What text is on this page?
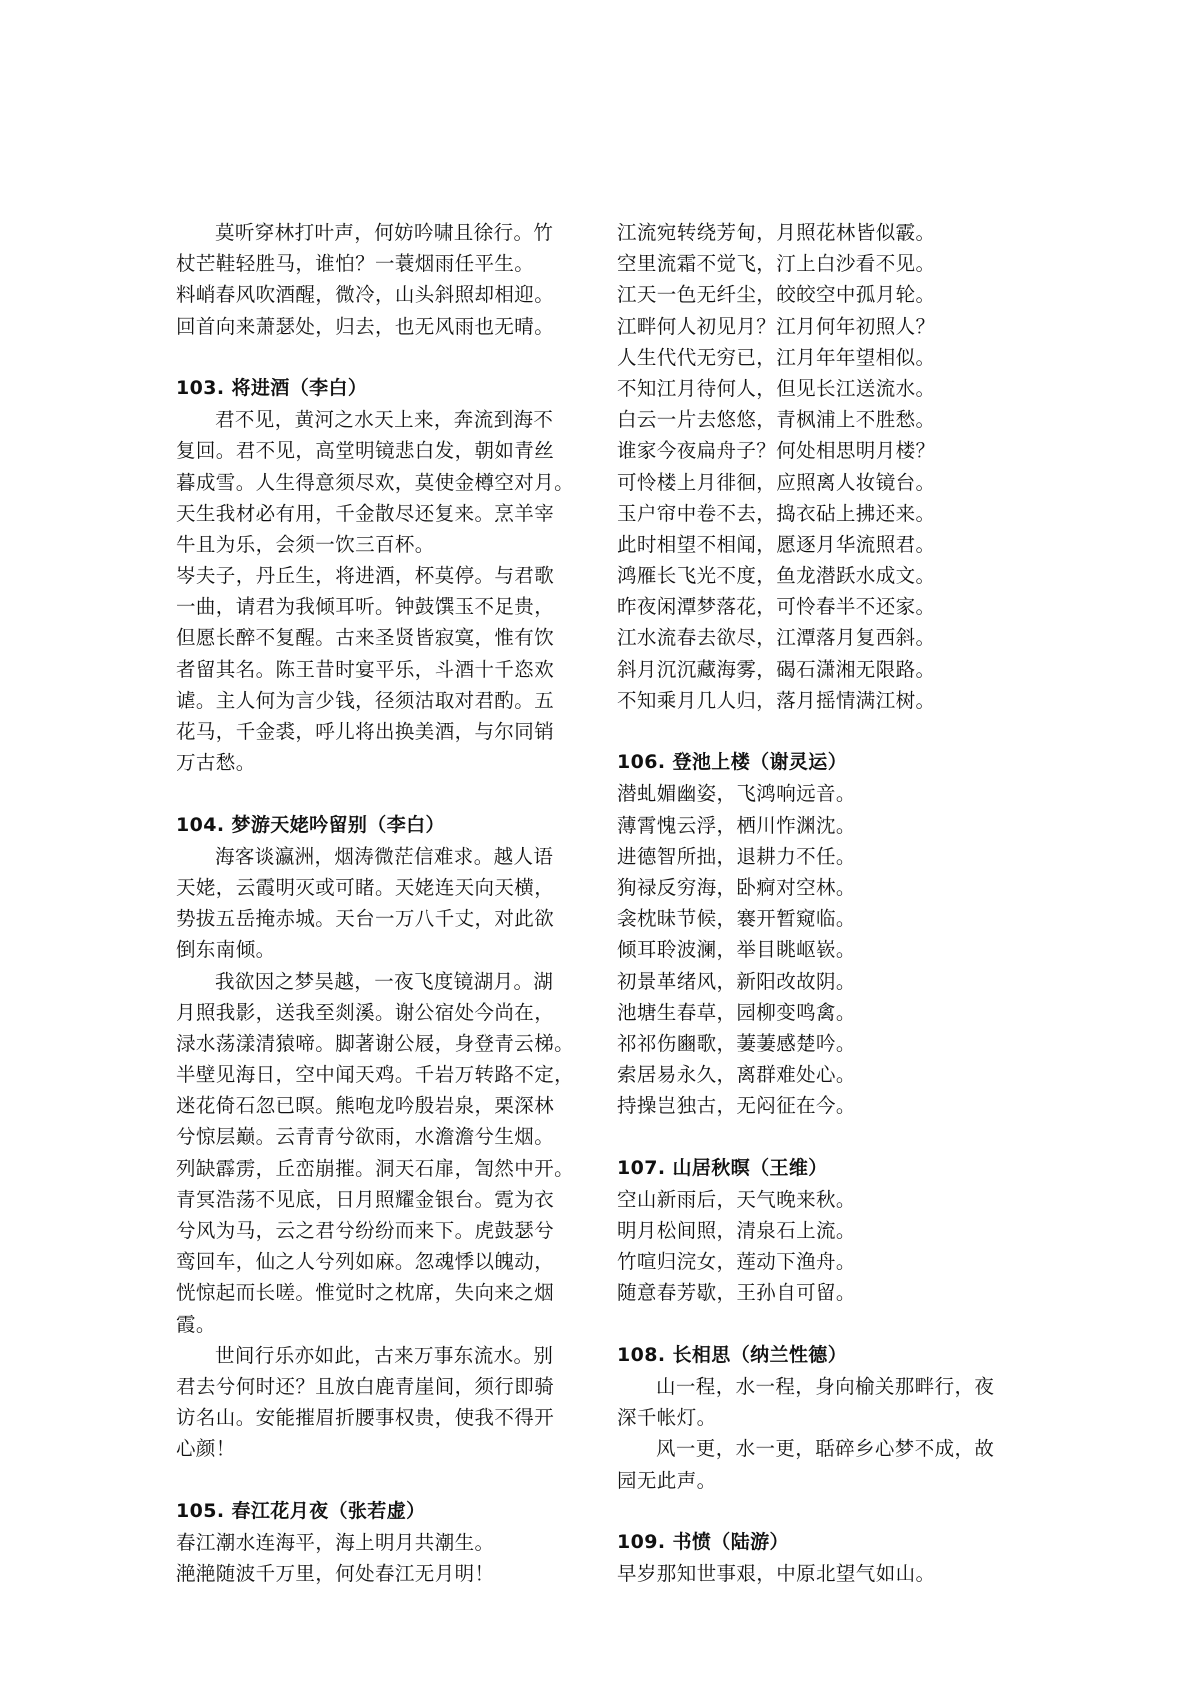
莫听穿林打叶声，何妨吟啸且徐行。竹
杖芒鞋轻胜马，谁怕？一蓑烟雨任平生。
料峭春风吹酒醒，微冷，山头斜照却相迎。
回首向来萧瑟处，归去，也无风雨也无晴。
103. 将进酒（李白）
君不见，黄河之水天上来，奔流到海不
复回。君不见，高堂明镜悲白发，朝如青丝
暮成雪。人生得意须尽欢，莫使金樽空对月。
天生我材必有用，千金散尽还复来。烹羊宰
牛且为乐，会须一饮三百杯。
岑夫子，丹丘生，将进酒，杯莫停。与君歌
一曲，请君为我倾耳听。钟鼓馔玉不足贵，
但愿长醉不复醒。古来圣贤皆寂寞，惟有饮
者留其名。陈王昔时宴平乐，斗酒十千恣欢
谑。主人何为言少钱，径须沽取对君酌。五
花马，千金裘，呼儿将出换美酒，与尔同销
万古愁。
104. 梦游天姥吟留别（李白）
海客谈瀛洲，烟涛微茫信难求。越人语
天姥，云霞明灭或可睹。天姥连天向天横，
势拔五岳掩赤城。天台一万八千丈，对此欲
倒东南倾。
我欲因之梦吴越，一夜飞度镜湖月。湖
月照我影，送我至剡溪。谢公宿处今尚在，
渌水荡漾清猿啼。脚著谢公屐，身登青云梯。
半壁见海日，空中闻天鸡。千岩万转路不定，
迷花倚石忽已暝。熊咆龙吟殷岩泉，栗深林
兮惊层巅。云青青兮欲雨，水澹澹兮生烟。
列缺霹雳，丘峦崩摧。洞天石扉，訇然中开。
青冥浩荡不见底，日月照耀金银台。霓为衣
兮风为马，云之君兮纷纷而来下。虎鼓瑟兮
鸾回车，仙之人兮列如麻。忽魂悸以魄动，
恍惊起而长嗟。惟觉时之枕席，失向来之烟
霞。
世间行乐亦如此，古来万事东流水。别
君去兮何时还？且放白鹿青崖间，须行即骑
访名山。安能摧眉折腰事权贵，使我不得开
心颜！
105. 春江花月夜（张若虚）
春江潮水连海平，海上明月共潮生。
滟滟随波千万里，何处春江无月明！
江流宛转绕芳甸，月照花林皆似霰。
空里流霜不觉飞，汀上白沙看不见。
江天一色无纤尘，皎皎空中孤月轮。
江畔何人初见月？江月何年初照人？
人生代代无穷已，江月年年望相似。
不知江月待何人，但见长江送流水。
白云一片去悠悠，青枫浦上不胜愁。
谁家今夜扁舟子？何处相思明月楼？
可怜楼上月徘徊，应照离人妆镜台。
玉户帘中卷不去，捣衣砧上拂还来。
此时相望不相闻，愿逐月华流照君。
鸿雁长飞光不度，鱼龙潜跃水成文。
昨夜闲潭梦落花，可怜春半不还家。
江水流春去欲尽，江潭落月复西斜。
斜月沉沉藏海雾，碣石潇湘无限路。
不知乘月几人归，落月摇情满江树。
106. 登池上楼（谢灵运）
潜虬媚幽姿，飞鸿响远音。
薄霄愧云浮，栖川怍渊沈。
进德智所拙，退耕力不任。
狥禄反穷海，卧痾对空林。
衾枕昧节候，褰开暂窥临。
倾耳聆波澜，举目眺岖嵚。
初景革绪风，新阳改故阴。
池塘生春草，园柳变鸣禽。
祁祁伤豳歌，萋萋感楚吟。
索居易永久，离群难处心。
持操岂独古，无闷征在今。
107. 山居秋暝（王维）
空山新雨后，天气晚来秋。
明月松间照，清泉石上流。
竹喧归浣女，莲动下渔舟。
随意春芳歇，王孙自可留。
108. 长相思（纳兰性德）
山一程，水一程，身向榆关那畔行，夜
深千帐灯。
风一更，水一更，聒碎乡心梦不成，故
园无此声。
109. 书愤（陆游）
早岁那知世事艰，中原北望气如山。
